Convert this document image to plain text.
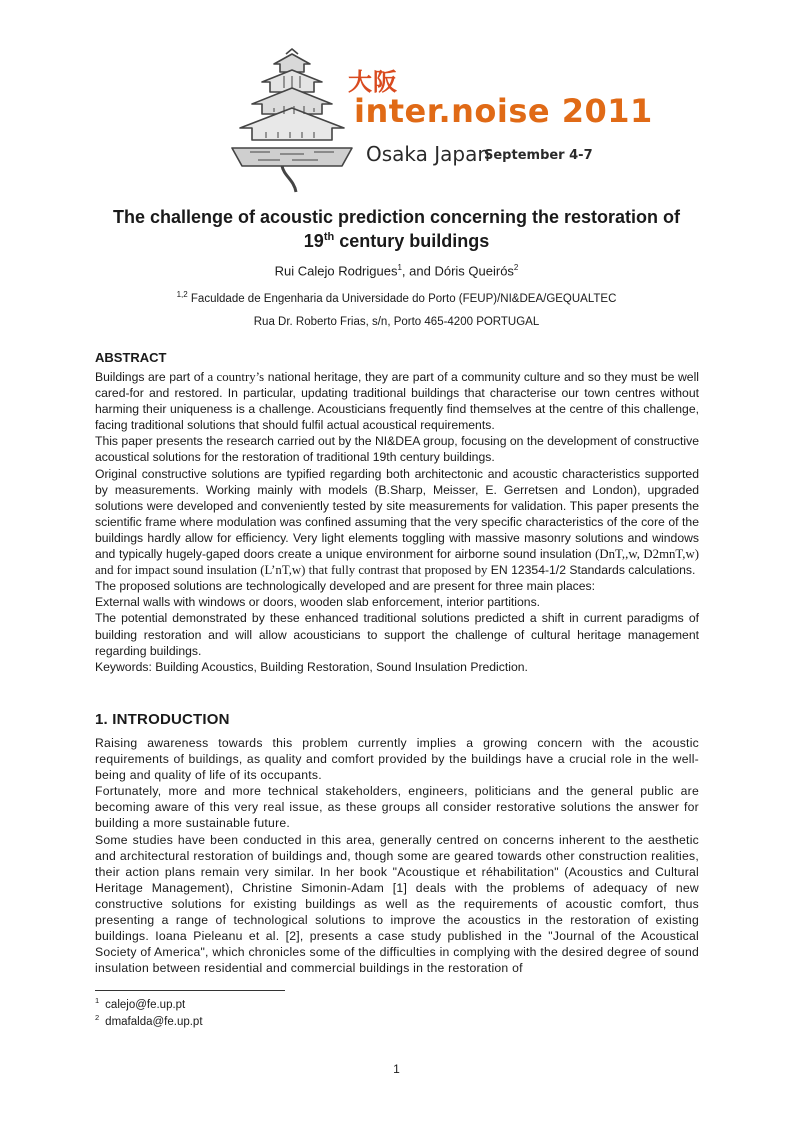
大阪
inter.noise 2011
Osaka Japan
September 4-7
The challenge of acoustic prediction concerning the restoration of
19th century buildings
Rui Calejo Rodrigues$^1$, and Dóris Queirós$^2$
$^{1,2}$ Faculdade de Engenharia da Universidade do Porto (FEUP)/NI&DEA/GEQUALTEC
Rua Dr. Roberto Frias, s/n, Porto 465-4200 PORTUGAL
ABSTRACT

Buildings are part of a country’s national heritage, they are part of a community culture and so they must be well cared-for and restored. In particular, updating traditional buildings that characterise our town centres without harming their uniqueness is a challenge. Acousticians frequently find themselves at the centre of this challenge, facing traditional solutions that should fulfil actual acoustical requirements.

This paper presents the research carried out by the NI&DEA group, focusing on the development of constructive acoustical solutions for the restoration of traditional 19th century buildings.

Original constructive solutions are typified regarding both architectonic and acoustic characteristics supported by measurements. Working mainly with models (B.Sharp, Meisser, E. Gerretsen and London), upgraded solutions were developed and conveniently tested by site measurements for validation. This paper presents the scientific frame where modulation was confined assuming that the very specific characteristics of the core of the buildings hardly allow for efficiency. Very light elements toggling with massive masonry solutions and windows and typically hugely-gaped doors create a unique environment for airborne sound insulation (DnT,,w, D2mnT,w) and for impact sound insulation (L’nT,w) that fully contrast that proposed by EN 12354-1/2 Standards calculations.

The proposed solutions are technologically developed and are present for three main places:

External walls with windows or doors, wooden slab enforcement, interior partitions.

The potential demonstrated by these enhanced traditional solutions predicted a shift in current paradigms of building restoration and will allow acousticians to support the challenge of cultural heritage management regarding buildings.

Keywords: Building Acoustics, Building Restoration, Sound Insulation Prediction.

1. INTRODUCTION

Raising awareness towards this problem currently implies a growing concern with the acoustic requirements of buildings, as quality and comfort provided by the buildings have a crucial role in the well-being and quality of life of its occupants.

Fortunately, more and more technical stakeholders, engineers, politicians and the general public are becoming aware of this very real issue, as these groups all consider restorative solutions the answer for building a more sustainable future.

Some studies have been conducted in this area, generally centred on concerns inherent to the aesthetic and architectural restoration of buildings and, though some are geared towards other construction realities, their action plans remain very similar. In her book "Acoustique et réhabilitation" (Acoustics and Cultural Heritage Management), Christine Simonin-Adam [1] deals with the problems of adequacy of new constructive solutions for existing buildings as well as the requirements of acoustic comfort, thus presenting a range of technological solutions to improve the acoustics in the restoration of existing buildings. Ioana Pieleanu et al. [2], presents a case study published in the "Journal of the Acoustical Society of America", which chronicles some of the difficulties in complying with the desired degree of sound insulation between residential and commercial buildings in the restoration of

$^1$ calejo@fe.up.pt
$^2$ dmafalda@fe.up.pt
1
